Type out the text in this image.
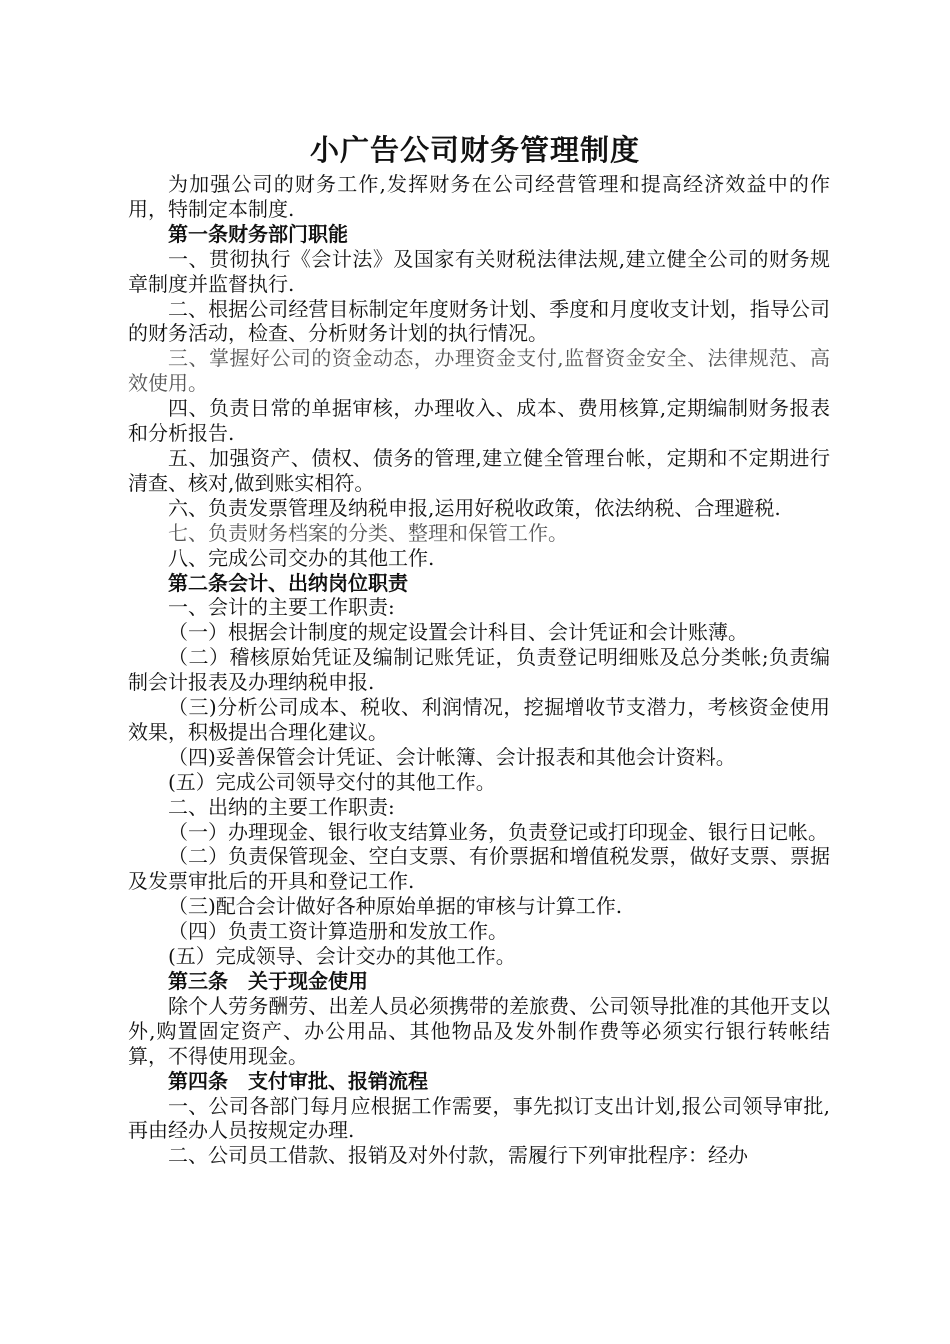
小广告公司财务管理制度

为加强公司的财务工作,发挥财务在公司经营管理和提高经济效益中的作用，特制定本制度.

第一条财务部门职能

一、贯彻执行《会计法》及国家有关财税法律法规,建立健全公司的财务规章制度并监督执行.

二、根据公司经营目标制定年度财务计划、季度和月度收支计划，指导公司的财务活动，检查、分析财务计划的执行情况。

三、掌握好公司的资金动态，办理资金支付,监督资金安全、法律规范、高效使用。

四、负责日常的单据审核，办理收入、成本、费用核算,定期编制财务报表和分析报告.

五、加强资产、债权、债务的管理,建立健全管理台帐，定期和不定期进行清查、核对,做到账实相符。

六、负责发票管理及纳税申报,运用好税收政策，依法纳税、合理避税.

七、负责财务档案的分类、整理和保管工作。

八、完成公司交办的其他工作.

第二条会计、出纳岗位职责

一、会计的主要工作职责:

（一）根据会计制度的规定设置会计科目、会计凭证和会计账薄。

（二）稽核原始凭证及编制记账凭证，负责登记明细账及总分类帐;负责编制会计报表及办理纳税申报.

（三)分析公司成本、税收、利润情况，挖掘增收节支潜力，考核资金使用效果，积极提出合理化建议。

（四)妥善保管会计凭证、会计帐簿、会计报表和其他会计资料。

(五）完成公司领导交付的其他工作。

二、出纳的主要工作职责:

（一）办理现金、银行收支结算业务，负责登记或打印现金、银行日记帐。

（二）负责保管现金、空白支票、有价票据和增值税发票，做好支票、票据及发票审批后的开具和登记工作.

（三)配合会计做好各种原始单据的审核与计算工作.

（四）负责工资计算造册和发放工作。

(五）完成领导、会计交办的其他工作。

第三条　关于现金使用

除个人劳务酬劳、出差人员必须携带的差旅费、公司领导批准的其他开支以外,购置固定资产、办公用品、其他物品及发外制作费等必须实行银行转帐结算，不得使用现金。

第四条　支付审批、报销流程

一、公司各部门每月应根据工作需要，事先拟订支出计划,报公司领导审批,再由经办人员按规定办理.

二、公司员工借款、报销及对外付款，需履行下列审批程序：经办
